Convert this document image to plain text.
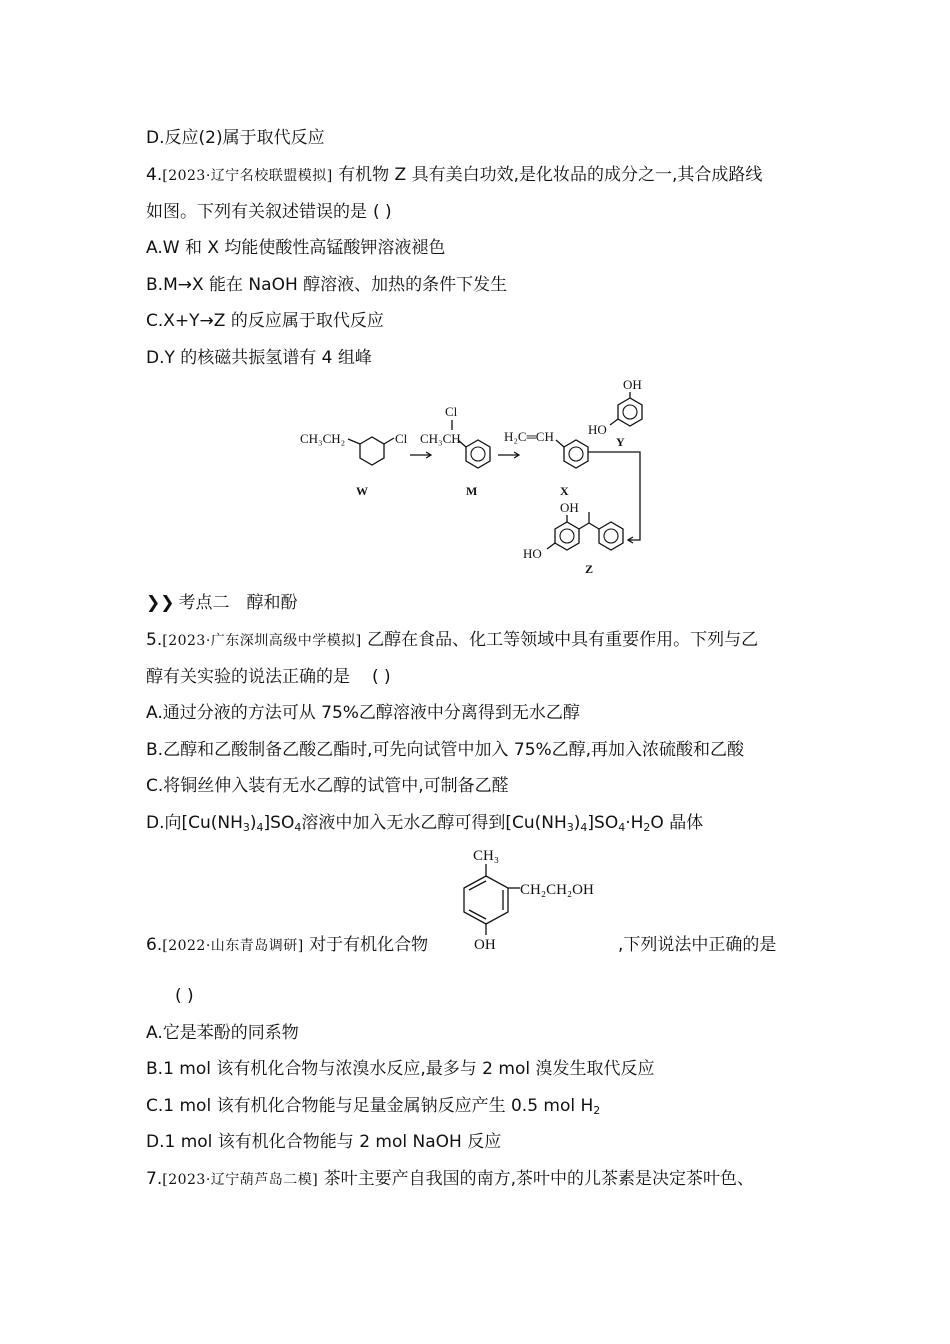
D.反应(2)属于取代反应
4.[2023·辽宁名校联盟模拟] 有机物 Z 具有美白功效,是化妆品的成分之一,其合成路线
如图。下列有关叙述错误的是 ( )
A.W 和 X 均能使酸性高锰酸钾溶液褪色
B.M→X 能在 NaOH 醇溶液、加热的条件下发生
C.X+Y→Z 的反应属于取代反应
D.Y 的核磁共振氢谱有 4 组峰
CH₃CH₂	Cl
W
Cl
CH₃CH
M
H₂C═CH
X
OH
HO
Y
OH
HO
Z
❯❯ 考点二　醇和酚
5.[2023·广东深圳高级中学模拟] 乙醇在食品、化工等领域中具有重要作用。下列与乙
醇有关实验的说法正确的是 ( )
A.通过分液的方法可从 75%乙醇溶液中分离得到无水乙醇
B.乙醇和乙酸制备乙酸乙酯时,可先向试管中加入 75%乙醇,再加入浓硫酸和乙酸
C.将铜丝伸入装有无水乙醇的试管中,可制备乙醛
D.向$[Cu(NH_3)_4]SO_4$溶液中加入无水乙醇可得到$[Cu(NH_3)_4]SO_4\cdot H_2O$ 晶体
CH₃
CH₂CH₂OH
OH
6.[2022·山东青岛调研] 对于有机化合物	,下列说法中正确的是
( )
A.它是苯酚的同系物
B.1 mol 该有机化合物与浓溴水反应,最多与 2 mol 溴发生取代反应
C.1 mol 该有机化合物能与足量金属钠反应产生 0.5 mol $H_2$
D.1 mol 该有机化合物能与 2 mol NaOH 反应
7.[2023·辽宁葫芦岛二模] 茶叶主要产自我国的南方,茶叶中的儿茶素是决定茶叶色、
